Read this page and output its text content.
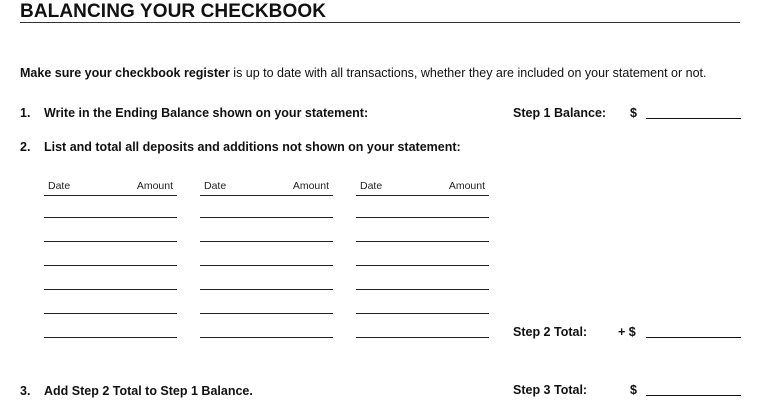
BALANCING YOUR CHECKBOOK
Make sure your checkbook register is up to date with all transactions, whether they are included on your statement or not.
1. Write in the Ending Balance shown on your statement:	Step 1 Balance: $
2. List and total all deposits and additions not shown on your statement:
Date	Amount	Date	Amount	Date	Amount
Step 2 Total: + $
3. Add Step 2 Total to Step 1 Balance.	Step 3 Total:	$
